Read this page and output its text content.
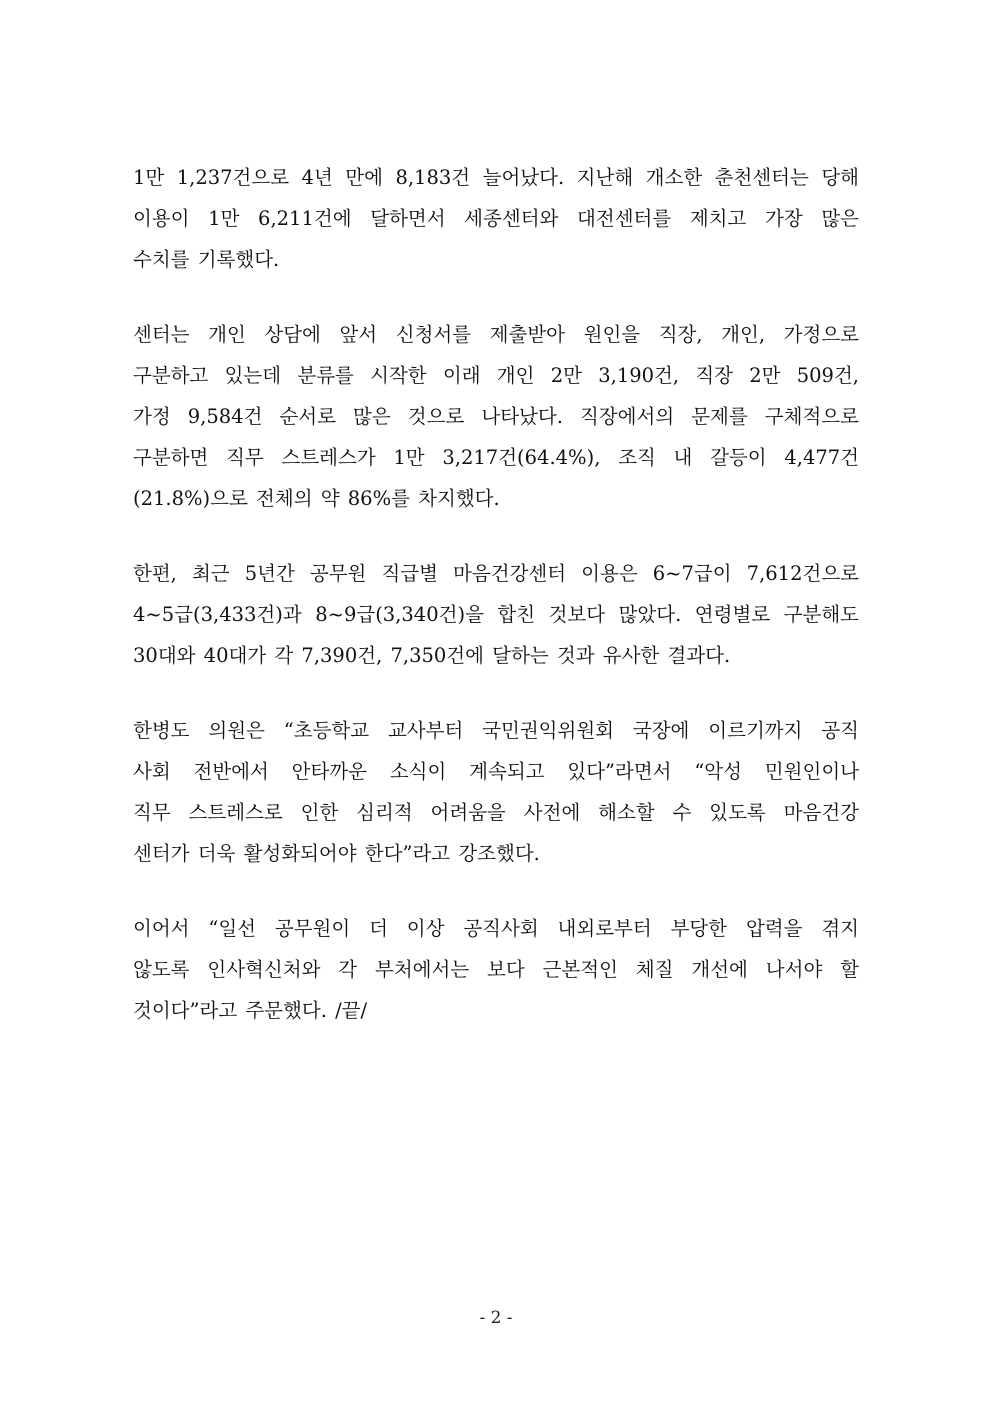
1만 1,237건으로 4년 만에 8,183건 늘어났다. 지난해 개소한 춘천센터는 당해
이용이 1만 6,211건에 달하면서 세종센터와 대전센터를 제치고 가장 많은
수치를 기록했다.

센터는 개인 상담에 앞서 신청서를 제출받아 원인을 직장, 개인, 가정으로
구분하고 있는데 분류를 시작한 이래 개인 2만 3,190건, 직장 2만 509건,
가정 9,584건 순서로 많은 것으로 나타났다. 직장에서의 문제를 구체적으로
구분하면 직무 스트레스가 1만 3,217건(64.4%), 조직 내 갈등이 4,477건
(21.8%)으로 전체의 약 86%를 차지했다.

한편, 최근 5년간 공무원 직급별 마음건강센터 이용은 6~7급이 7,612건으로
4~5급(3,433건)과 8~9급(3,340건)을 합친 것보다 많았다. 연령별로 구분해도
30대와 40대가 각 7,390건, 7,350건에 달하는 것과 유사한 결과다.

한병도 의원은 “초등학교 교사부터 국민권익위원회 국장에 이르기까지 공직
사회 전반에서 안타까운 소식이 계속되고 있다”라면서 “악성 민원인이나
직무 스트레스로 인한 심리적 어려움을 사전에 해소할 수 있도록 마음건강
센터가 더욱 활성화되어야 한다”라고 강조했다.

이어서 “일선 공무원이 더 이상 공직사회 내외로부터 부당한 압력을 겪지
않도록 인사혁신처와 각 부처에서는 보다 근본적인 체질 개선에 나서야 할
것이다”라고 주문했다. /끝/

- 2 -
